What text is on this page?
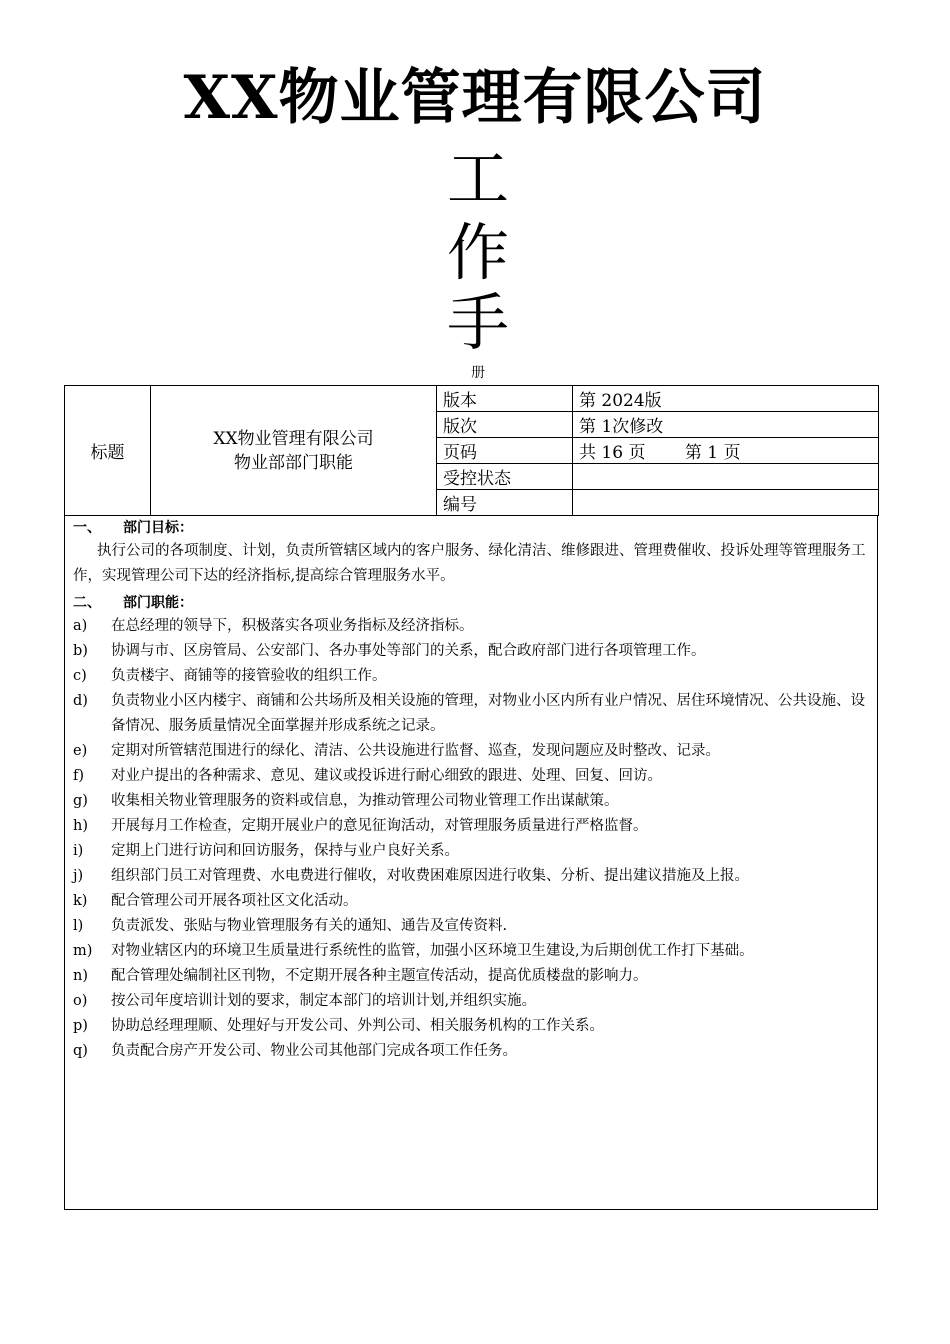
XX物业管理有限公司
工
作
手
册
标题	XX物业管理有限公司
物业部部门职能	版本	第 2024版
		版次	第 1次修改
		页码	共 16 页　　 第 1 页
		受控状态	
		编号	
一、 部门目标：
执行公司的各项制度、计划，负责所管辖区域内的客户服务、绿化清洁、维修跟进、管理费催收、投诉处理等管理服务工作，实现管理公司下达的经济指标,提高综合管理服务水平。
二、 部门职能：
a)	在总经理的领导下，积极落实各项业务指标及经济指标。
b)	协调与市、区房管局、公安部门、各办事处等部门的关系，配合政府部门进行各项管理工作。
c)	负责楼宇、商铺等的接管验收的组织工作。
d)	负责物业小区内楼宇、商铺和公共场所及相关设施的管理，对物业小区内所有业户情况、居住环境情况、公共设施、设备情况、服务质量情况全面掌握并形成系统之记录。
e)	定期对所管辖范围进行的绿化、清洁、公共设施进行监督、巡查，发现问题应及时整改、记录。
f)	对业户提出的各种需求、意见、建议或投诉进行耐心细致的跟进、处理、回复、回访。
g)	收集相关物业管理服务的资料或信息，为推动管理公司物业管理工作出谋献策。
h)	开展每月工作检查，定期开展业户的意见征询活动，对管理服务质量进行严格监督。
i)	定期上门进行访问和回访服务，保持与业户良好关系。
j)	组织部门员工对管理费、水电费进行催收，对收费困难原因进行收集、分析、提出建议措施及上报。
k)	配合管理公司开展各项社区文化活动。
l)	负责派发、张贴与物业管理服务有关的通知、通告及宣传资料.
m)	对物业辖区内的环境卫生质量进行系统性的监管，加强小区环境卫生建设,为后期创优工作打下基础。
n)	配合管理处编制社区刊物，不定期开展各种主题宣传活动，提高优质楼盘的影响力。
o)	按公司年度培训计划的要求，制定本部门的培训计划,并组织实施。
p)	协助总经理理顺、处理好与开发公司、外判公司、相关服务机构的工作关系。
q)	负责配合房产开发公司、物业公司其他部门完成各项工作任务。
